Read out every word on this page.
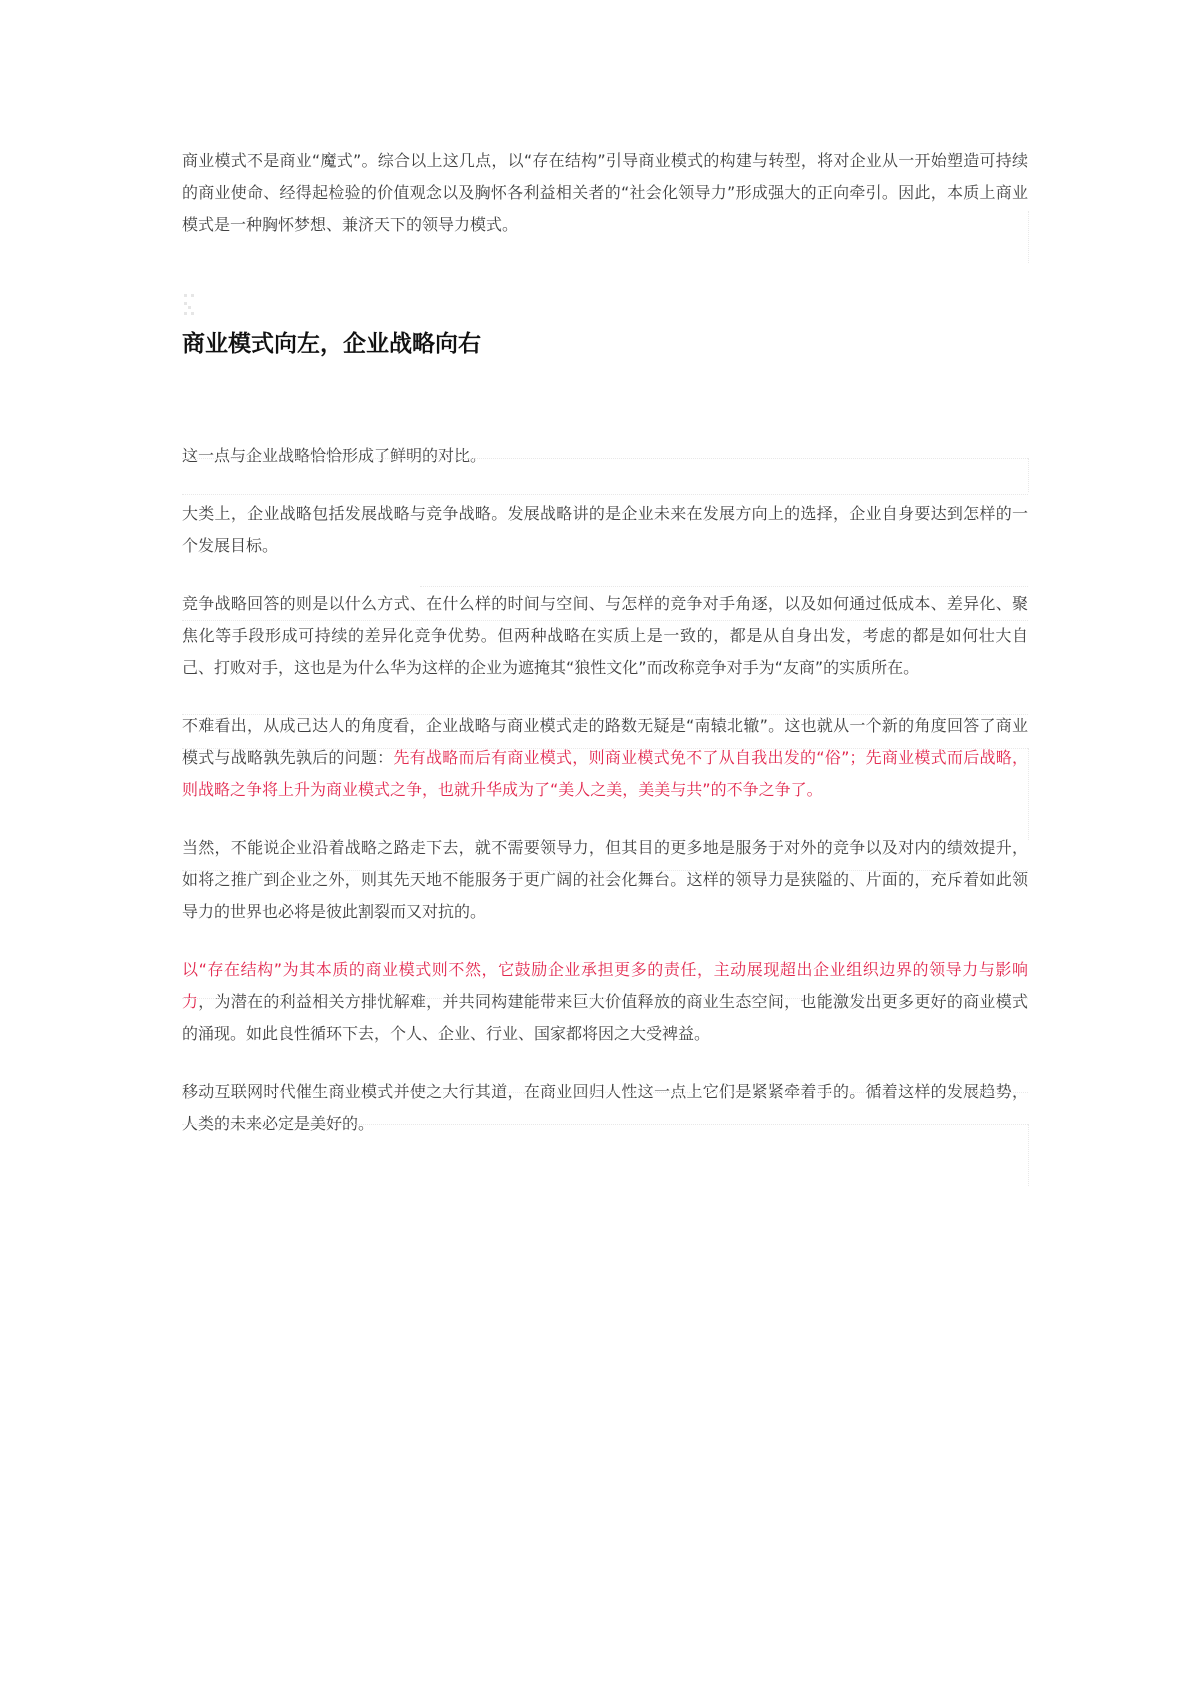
商业模式不是商业“魔式”。综合以上这几点，以“存在结构”引导商业模式的构建与转型，将对企业从一开始塑造可持续的商业使命、经得起检验的价值观念以及胸怀各利益相关者的“社会化领导力”形成强大的正向牵引。因此，本质上商业模式是一种胸怀梦想、兼济天下的领导力模式。

商业模式向左，企业战略向右

这一点与企业战略恰恰形成了鲜明的对比。

大类上，企业战略包括发展战略与竞争战略。发展战略讲的是企业未来在发展方向上的选择，企业自身要达到怎样的一个发展目标。

竞争战略回答的则是以什么方式、在什么样的时间与空间、与怎样的竞争对手角逐，以及如何通过低成本、差异化、聚焦化等手段形成可持续的差异化竞争优势。但两种战略在实质上是一致的，都是从自身出发，考虑的都是如何壮大自己、打败对手，这也是为什么华为这样的企业为遮掩其“狼性文化”而改称竞争对手为“友商”的实质所在。

不难看出，从成己达人的角度看，企业战略与商业模式走的路数无疑是“南辕北辙”。这也就从一个新的角度回答了商业模式与战略孰先孰后的问题：先有战略而后有商业模式，则商业模式免不了从自我出发的“俗”；先商业模式而后战略，则战略之争将上升为商业模式之争，也就升华成为了“美人之美，美美与共”的不争之争了。

当然，不能说企业沿着战略之路走下去，就不需要领导力，但其目的更多地是服务于对外的竞争以及对内的绩效提升，如将之推广到企业之外，则其先天地不能服务于更广阔的社会化舞台。这样的领导力是狭隘的、片面的，充斥着如此领导力的世界也必将是彼此割裂而又对抗的。

以“存在结构”为其本质的商业模式则不然，它鼓励企业承担更多的责任，主动展现超出企业组织边界的领导力与影响力，为潜在的利益相关方排忧解难，并共同构建能带来巨大价值释放的商业生态空间，也能激发出更多更好的商业模式的涌现。如此良性循环下去，个人、企业、行业、国家都将因之大受裨益。

移动互联网时代催生商业模式并使之大行其道，在商业回归人性这一点上它们是紧紧牵着手的。循着这样的发展趋势，人类的未来必定是美好的。
